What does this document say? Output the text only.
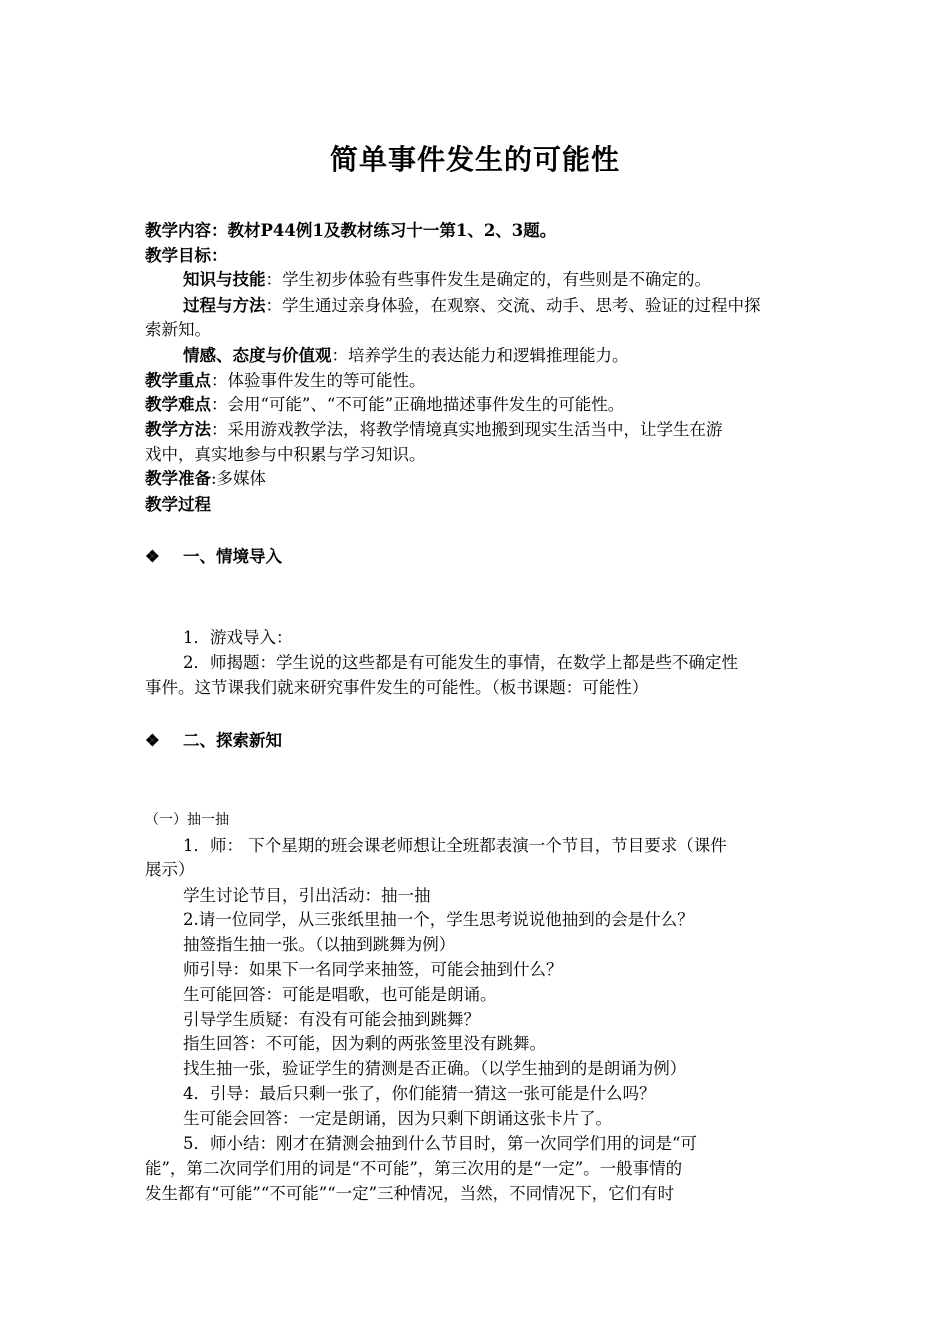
简单事件发生的可能性
教学内容：教材P44例1及教材练习十一第1、2、3题。
教学目标：
知识与技能：学生初步体验有些事件发生是确定的，有些则是不确定的。
过程与方法：学生通过亲身体验，在观察、交流、动手、思考、验证的过程中探
索新知。
情感、态度与价值观：培养学生的表达能力和逻辑推理能力。
教学重点：体验事件发生的等可能性。
教学难点：会用“可能”、“不可能”正确地描述事件发生的可能性。
教学方法：采用游戏教学法，将教学情境真实地搬到现实生活当中，让学生在游
戏中，真实地参与中积累与学习知识。
教学准备:多媒体
教学过程
❖ 一、情境导入
1．游戏导入：
2．师揭题：学生说的这些都是有可能发生的事情，在数学上都是些不确定性
事件。这节课我们就来研究事件发生的可能性。（板书课题：可能性）
❖ 二、探索新知
（一）抽一抽
1．师： 下个星期的班会课老师想让全班都表演一个节目，节目要求（课件
展示）
学生讨论节目，引出活动：抽一抽
2.请一位同学，从三张纸里抽一个，学生思考说说他抽到的会是什么？
抽签指生抽一张。（以抽到跳舞为例）
师引导：如果下一名同学来抽签，可能会抽到什么？
生可能回答：可能是唱歌，也可能是朗诵。
引导学生质疑：有没有可能会抽到跳舞？
指生回答：不可能，因为剩的两张签里没有跳舞。
找生抽一张，验证学生的猜测是否正确。（以学生抽到的是朗诵为例）
4．引导：最后只剩一张了，你们能猜一猜这一张可能是什么吗？
生可能会回答：一定是朗诵，因为只剩下朗诵这张卡片了。
5．师小结：刚才在猜测会抽到什么节目时，第一次同学们用的词是“可
能”，第二次同学们用的词是“不可能”，第三次用的是“一定”。一般事情的
发生都有“可能”“不可能”“一定”三种情况，当然，不同情况下，它们有时
